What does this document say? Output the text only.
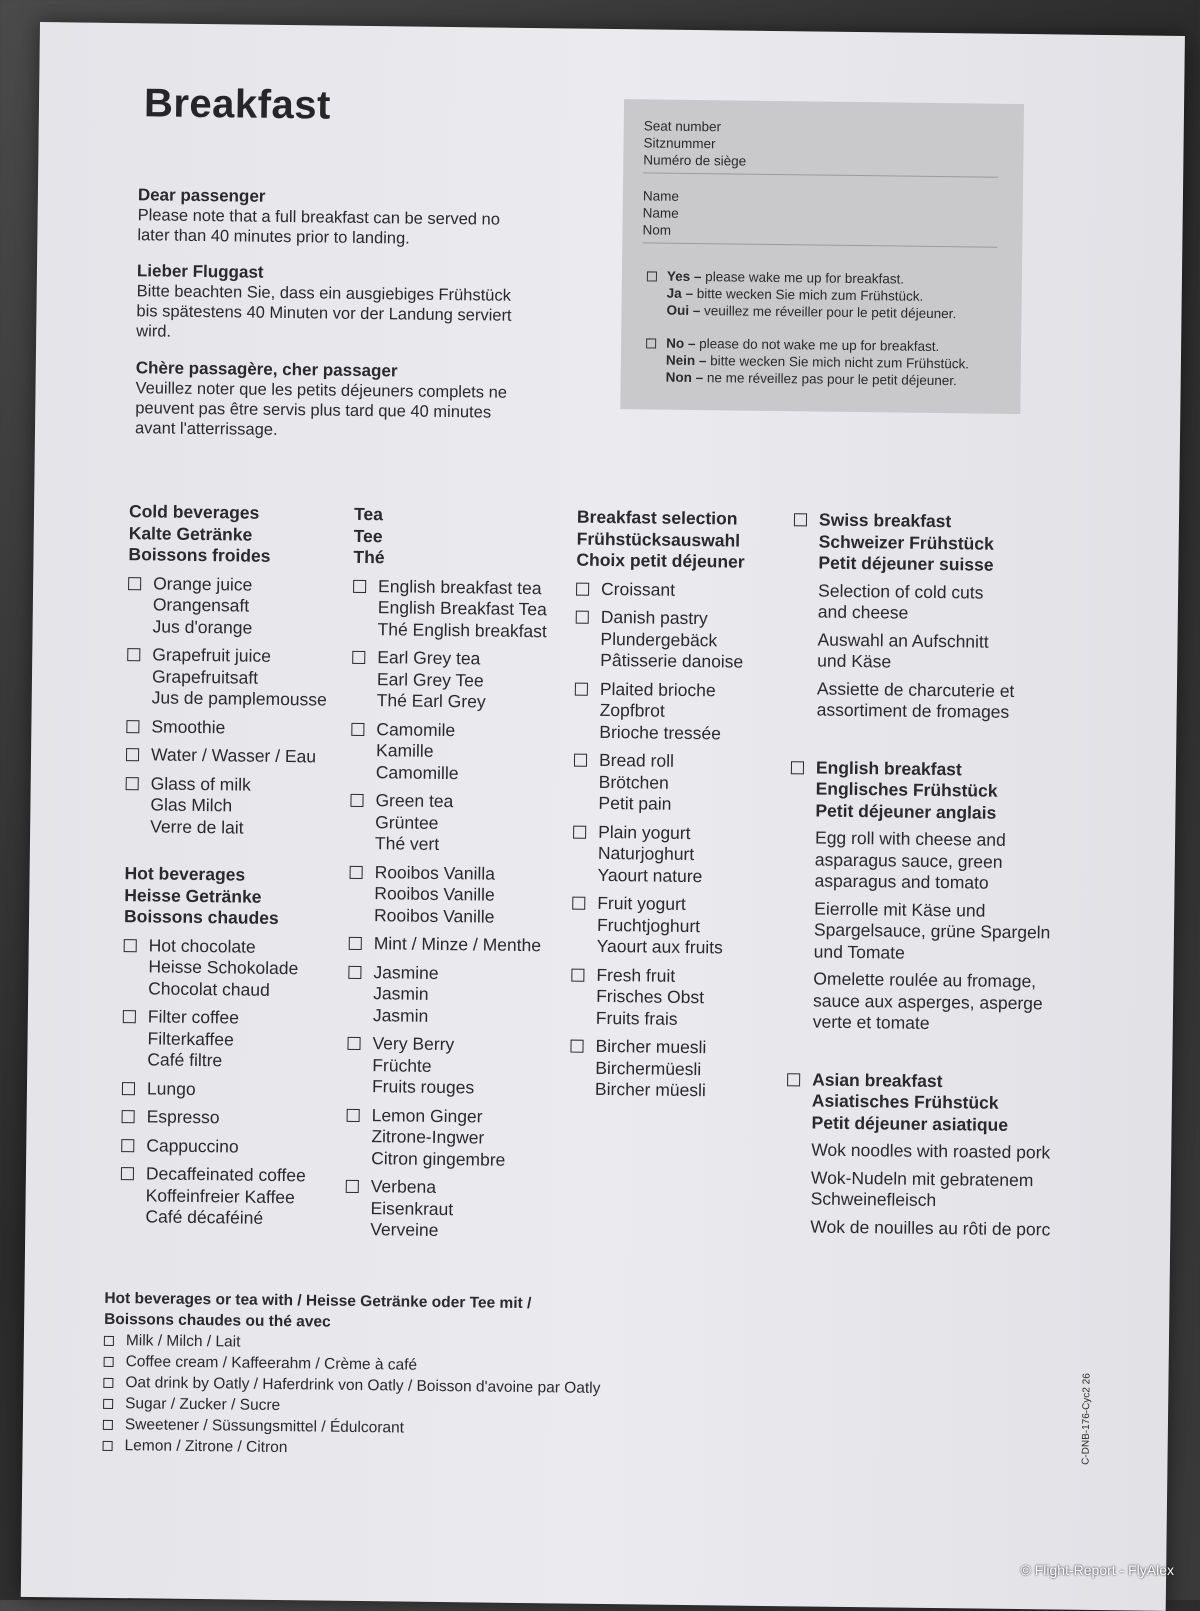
Breakfast
Dear passenger
Please note that a full breakfast can be served no
later than 40 minutes prior to landing.
Lieber Fluggast
Bitte beachten Sie, dass ein ausgiebiges Frühstück
bis spätestens 40 Minuten vor der Landung serviert
wird.
Chère passagère, cher passager
Veuillez noter que les petits déjeuners complets ne
peuvent pas être servis plus tard que 40 minutes
avant l'atterrissage.
Seat number
Sitznummer
Numéro de siège
Name
Name
Nom
Yes – please wake me up for breakfast.
Ja – bitte wecken Sie mich zum Frühstück.
Oui – veuillez me réveiller pour le petit déjeuner.
No – please do not wake me up for breakfast.
Nein – bitte wecken Sie mich nicht zum Frühstück.
Non – ne me réveillez pas pour le petit déjeuner.
Cold beverages
Kalte Getränke
Boissons froides
Orange juice
Orangensaft
Jus d'orange
Grapefruit juice
Grapefruitsaft
Jus de pamplemousse
Smoothie
Water / Wasser / Eau
Glass of milk
Glas Milch
Verre de lait
Hot beverages
Heisse Getränke
Boissons chaudes
Hot chocolate
Heisse Schokolade
Chocolat chaud
Filter coffee
Filterkaffee
Café filtre
Lungo
Espresso
Cappuccino
Decaffeinated coffee
Koffeinfreier Kaffee
Café décaféiné
Tea
Tee
Thé
English breakfast tea
English Breakfast Tea
Thé English breakfast
Earl Grey tea
Earl Grey Tee
Thé Earl Grey
Camomile
Kamille
Camomille
Green tea
Grüntee
Thé vert
Rooibos Vanilla
Rooibos Vanille
Rooibos Vanille
Mint / Minze / Menthe
Jasmine
Jasmin
Jasmin
Very Berry
Früchte
Fruits rouges
Lemon Ginger
Zitrone-Ingwer
Citron gingembre
Verbena
Eisenkraut
Verveine
Breakfast selection
Frühstücksauswahl
Choix petit déjeuner
Croissant
Danish pastry
Plundergebäck
Pâtisserie danoise
Plaited brioche
Zopfbrot
Brioche tressée
Bread roll
Brötchen
Petit pain
Plain yogurt
Naturjoghurt
Yaourt nature
Fruit yogurt
Fruchtjoghurt
Yaourt aux fruits
Fresh fruit
Frisches Obst
Fruits frais
Bircher muesli
Birchermüesli
Bircher müesli
Swiss breakfast
Schweizer Frühstück
Petit déjeuner suisse
Selection of cold cuts
and cheese
Auswahl an Aufschnitt
und Käse
Assiette de charcuterie et
assortiment de fromages
English breakfast
Englisches Frühstück
Petit déjeuner anglais
Egg roll with cheese and
asparagus sauce, green
asparagus and tomato
Eierrolle mit Käse und
Spargelsauce, grüne Spargeln
und Tomate
Omelette roulée au fromage,
sauce aux asperges, asperge
verte et tomate
Asian breakfast
Asiatisches Frühstück
Petit déjeuner asiatique
Wok noodles with roasted pork
Wok-Nudeln mit gebratenem
Schweinefleisch
Wok de nouilles au rôti de porc
Hot beverages or tea with / Heisse Getränke oder Tee mit /
Boissons chaudes ou thé avec
Milk / Milch / Lait
Coffee cream / Kaffeerahm / Crème à café
Oat drink by Oatly / Haferdrink von Oatly / Boisson d'avoine par Oatly
Sugar / Zucker / Sucre
Sweetener / Süssungsmittel / Édulcorant
Lemon / Zitrone / Citron	C-DNB-176-Cyc2 26
© Flight-Report - FlyAlex
